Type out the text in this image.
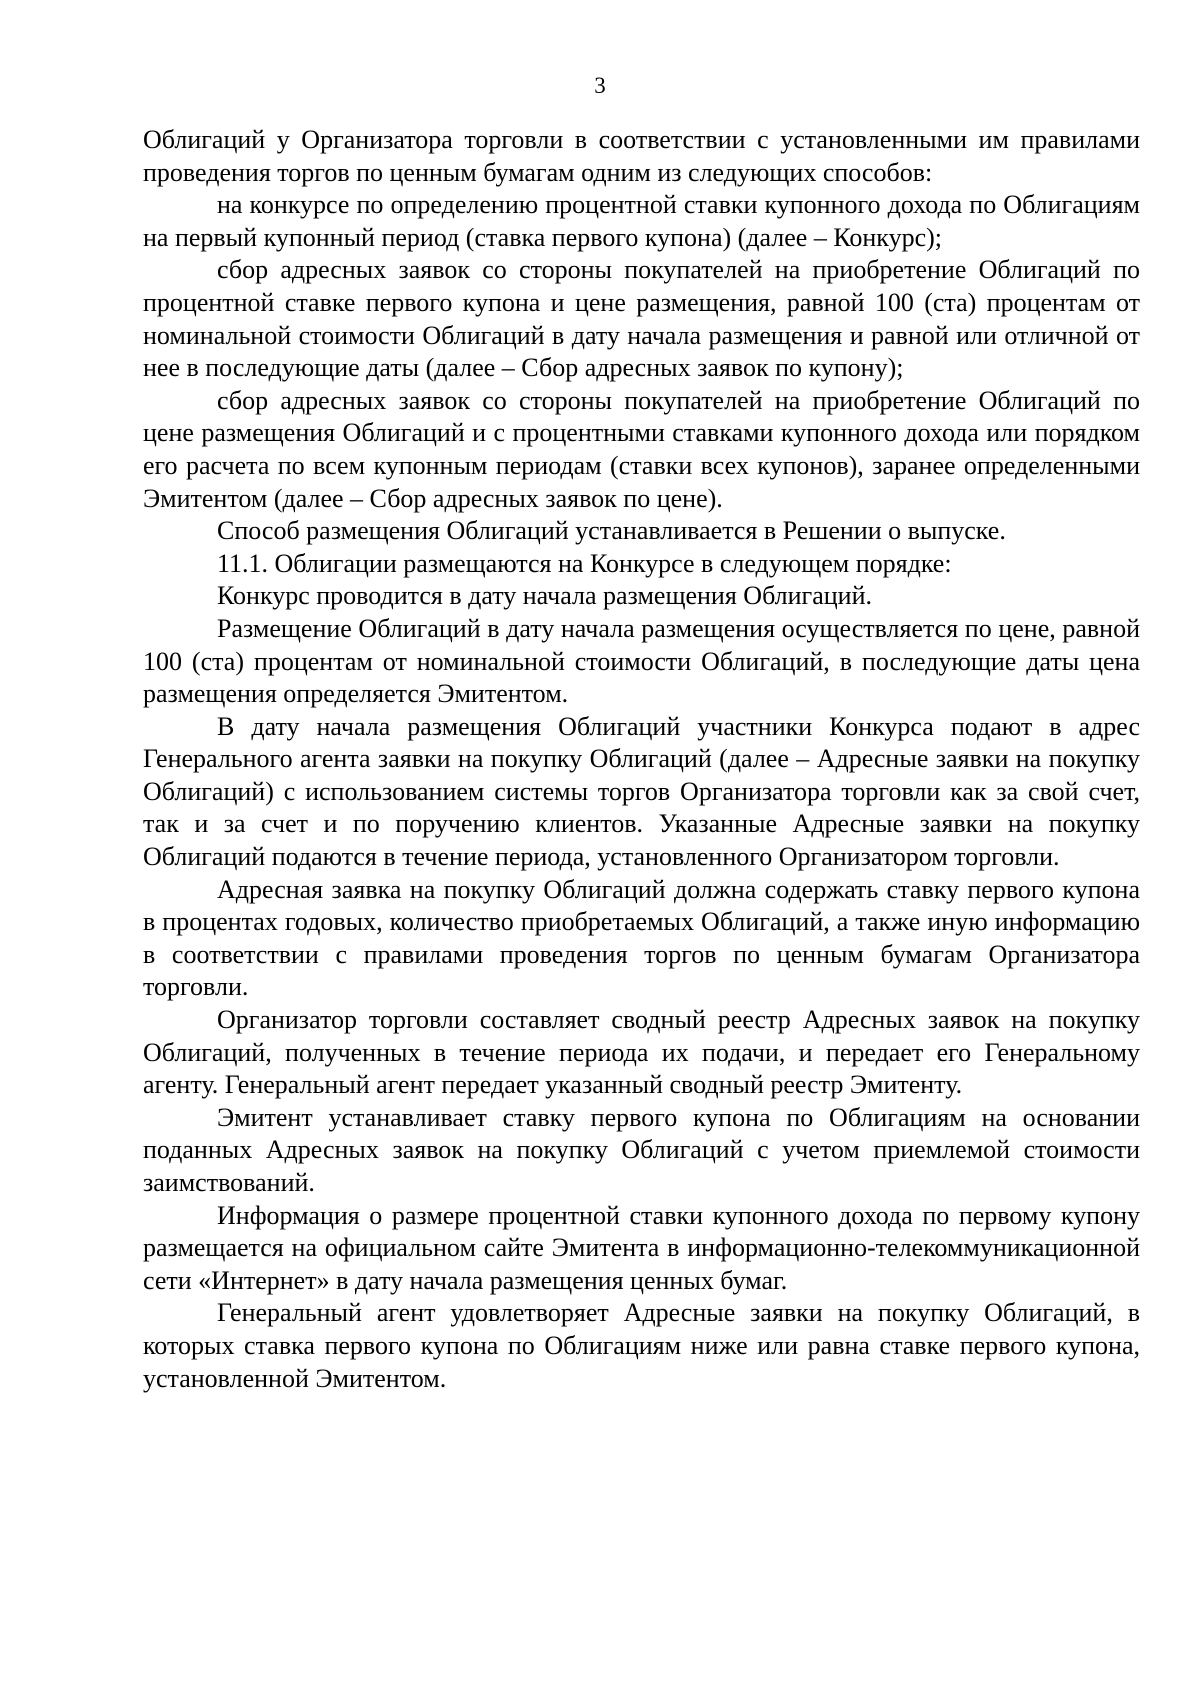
3

Облигаций у Организатора торговли в соответствии с установленными им правилами проведения торгов по ценным бумагам одним из следующих способов:

на конкурсе по определению процентной ставки купонного дохода по Облигациям на первый купонный период (ставка первого купона) (далее – Конкурс);

сбор адресных заявок со стороны покупателей на приобретение Облигаций по процентной ставке первого купона и цене размещения, равной 100 (ста) процентам от номинальной стоимости Облигаций в дату начала размещения и равной или отличной от нее в последующие даты (далее – Сбор адресных заявок по купону);

сбор адресных заявок со стороны покупателей на приобретение Облигаций по цене размещения Облигаций и с процентными ставками купонного дохода или порядком его расчета по всем купонным периодам (ставки всех купонов), заранее определенными Эмитентом (далее – Сбор адресных заявок по цене).

Способ размещения Облигаций устанавливается в Решении о выпуске.

11.1. Облигации размещаются на Конкурсе в следующем порядке:

Конкурс проводится в дату начала размещения Облигаций.

Размещение Облигаций в дату начала размещения осуществляется по цене, равной 100 (ста) процентам от номинальной стоимости Облигаций, в последующие даты цена размещения определяется Эмитентом.

В дату начала размещения Облигаций участники Конкурса подают в адрес Генерального агента заявки на покупку Облигаций (далее – Адресные заявки на покупку Облигаций) с использованием системы торгов Организатора торговли как за свой счет, так и за счет и по поручению клиентов. Указанные Адресные заявки на покупку Облигаций подаются в течение периода, установленного Организатором торговли.

Адресная заявка на покупку Облигаций должна содержать ставку первого купона в процентах годовых, количество приобретаемых Облигаций, а также иную информацию в соответствии с правилами проведения торгов по ценным бумагам Организатора торговли.

Организатор торговли составляет сводный реестр Адресных заявок на покупку Облигаций, полученных в течение периода их подачи, и передает его Генеральному агенту. Генеральный агент передает указанный сводный реестр Эмитенту.

Эмитент устанавливает ставку первого купона по Облигациям на основании поданных Адресных заявок на покупку Облигаций с учетом приемлемой стоимости заимствований.

Информация о размере процентной ставки купонного дохода по первому купону размещается на официальном сайте Эмитента в информационно-телекоммуникационной сети «Интернет» в дату начала размещения ценных бумаг.

Генеральный агент удовлетворяет Адресные заявки на покупку Облигаций, в которых ставка первого купона по Облигациям ниже или равна ставке первого купона, установленной Эмитентом.
